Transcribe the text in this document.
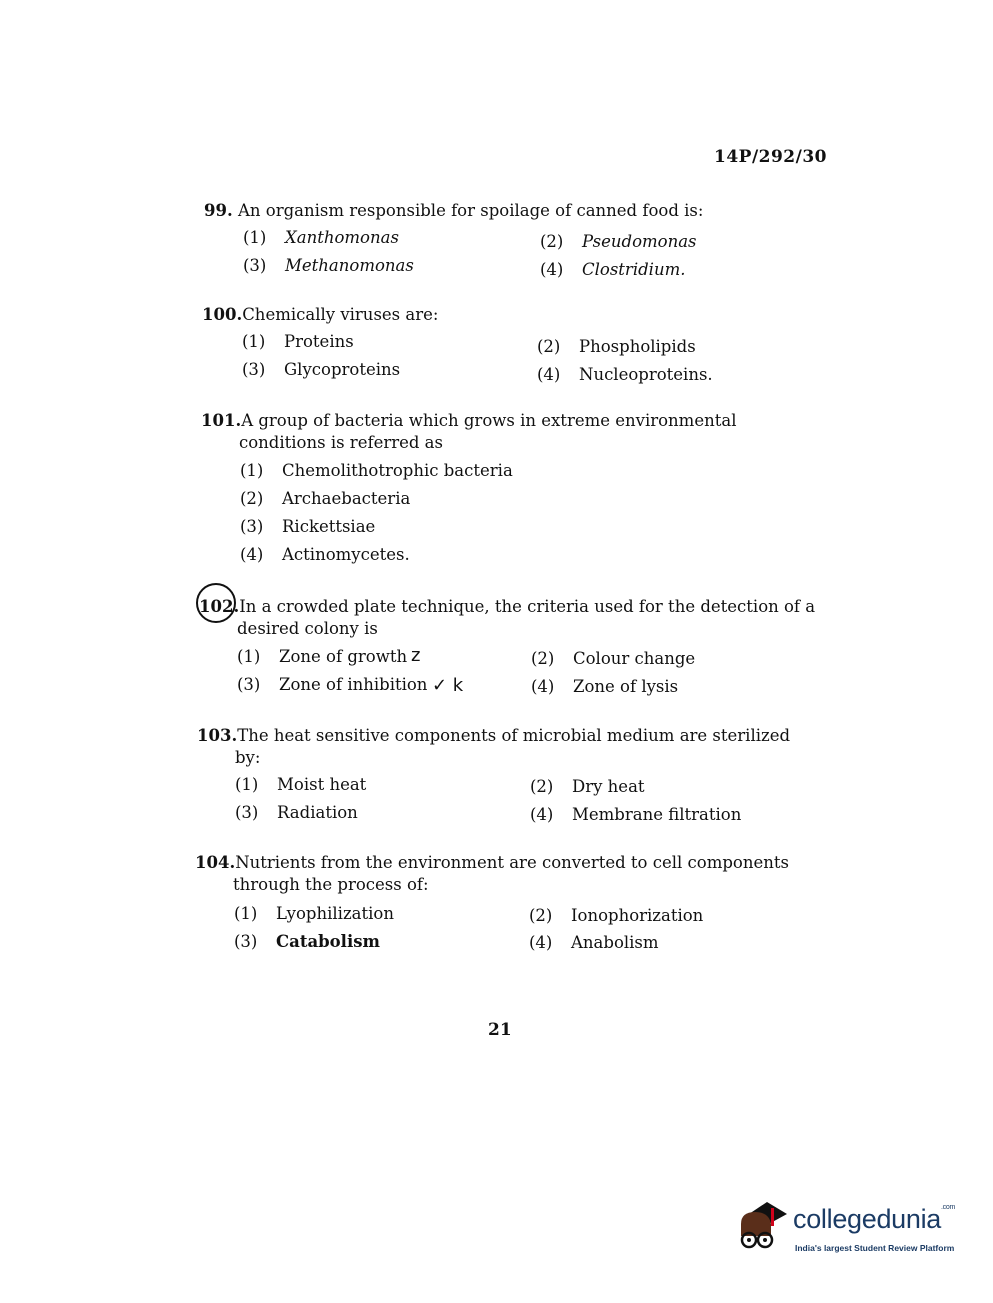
14P/292/30
99. An organism responsible for spoilage of canned food is:
(1) Xanthomonas	(2) Pseudomonas
(3) Methanomonas	(4) Clostridium.
100.Chemically viruses are:
(1) Proteins	(2) Phospholipids
(3) Glycoproteins	(4) Nucleoproteins.
101.A group of bacteria which grows in extreme environmental
conditions is referred as
(1) Chemolithotrophic bacteria
(2) Archaebacteria
(3) Rickettsiae
(4) Actinomycetes.
102.In a crowded plate technique, the criteria used for the detection of a
desired colony is
(1) Zone of growth z	(2) Colour change
(3) Zone of inhibition ✓ k	(4) Zone of lysis
103.The heat sensitive components of microbial medium are sterilized
by:
(1) Moist heat	(2) Dry heat
(3) Radiation	(4) Membrane filtration
104.Nutrients from the environment are converted to cell components
through the process of:
(1) Lyophilization	(2) Ionophorization
(3) Catabolism	(4) Anabolism
21
collegedunia$^{.com}$
India's largest Student Review Platform
